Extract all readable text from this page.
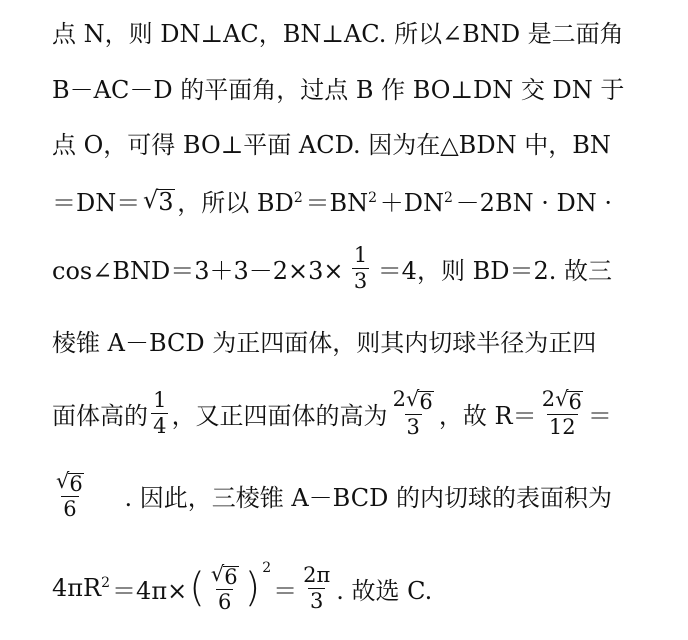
点 N，则 DN⊥AC，BN⊥AC. 所以∠BND 是二面角
B－AC－D 的平面角，过点 B 作 BO⊥DN 交 DN 于
点 O，可得 BO⊥平面 ACD. 因为在△BDN 中，BN
＝DN＝ √ 3 ，所以 $BD^2 =BN^2 +DN^2 -2BN$ · DN ·
cos∠BND＝3＋3－2×3× $\frac{1}{3} =4$，则 BD＝2. 故三
棱锥 A－BCD 为正四面体，则其内切球半径为正四
面体高的 $\frac{1}{4}$ ，又正四面体的高为 $\frac{2 √ 6}{3}$ ，故 $R= \frac{2 √ 6}{12}$ ＝
$\frac{√ 6}{6}$ . 因此，三棱锥 A－BCD 的内切球的表面积为
$4\pi R^2 =4\pi\times$ ( $\frac{√ 6}{6}$ ) 2
＝ $\frac{2\pi}{3}$ . 故选 C.
